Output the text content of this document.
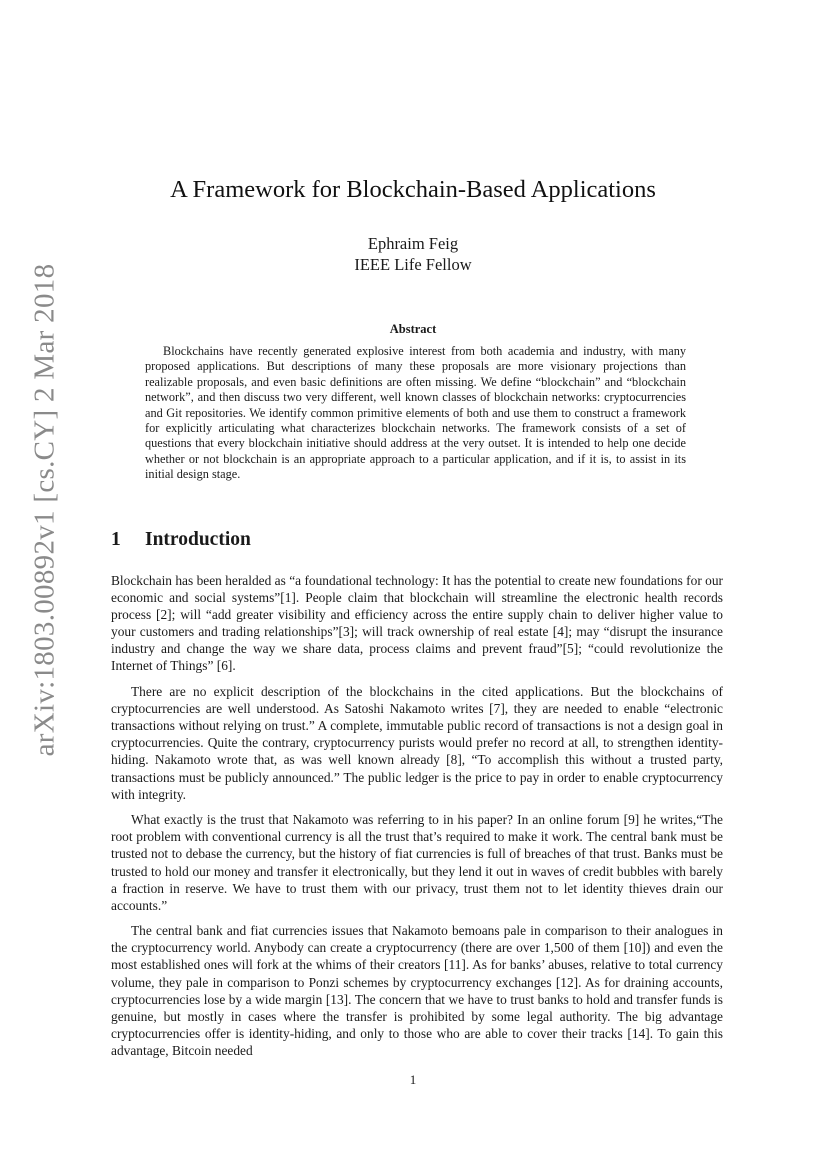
arXiv:1803.00892v1 [cs.CY] 2 Mar 2018
A Framework for Blockchain-Based Applications
Ephraim Feig
IEEE Life Fellow
Abstract
Blockchains have recently generated explosive interest from both academia and industry, with many proposed applications. But descriptions of many these proposals are more visionary projections than realizable proposals, and even basic definitions are often missing. We define “blockchain” and “blockchain network”, and then discuss two very different, well known classes of blockchain networks: cryptocurrencies and Git repositories. We identify common primitive elements of both and use them to construct a framework for explicitly articulating what characterizes blockchain networks. The framework consists of a set of questions that every blockchain initiative should address at the very outset. It is intended to help one decide whether or not blockchain is an appropriate approach to a particular application, and if it is, to assist in its initial design stage.
1 Introduction

Blockchain has been heralded as “a foundational technology: It has the potential to create new foundations for our economic and social systems”[1]. People claim that blockchain will streamline the electronic health records process [2]; will “add greater visibility and efficiency across the entire supply chain to deliver higher value to your customers and trading relationships”[3]; will track ownership of real estate [4]; may “disrupt the insurance industry and change the way we share data, process claims and prevent fraud”[5]; “could revolutionize the Internet of Things” [6].

There are no explicit description of the blockchains in the cited applications. But the blockchains of cryptocurrencies are well understood. As Satoshi Nakamoto writes [7], they are needed to enable “electronic transactions without relying on trust.” A complete, immutable public record of transactions is not a design goal in cryptocurrencies. Quite the contrary, cryptocurrency purists would prefer no record at all, to strengthen identity-hiding. Nakamoto wrote that, as was well known already [8], “To accomplish this without a trusted party, transactions must be publicly announced.” The public ledger is the price to pay in order to enable cryptocurrency with integrity.

What exactly is the trust that Nakamoto was referring to in his paper? In an online forum [9] he writes,“The root problem with conventional currency is all the trust that’s required to make it work. The central bank must be trusted not to debase the currency, but the history of fiat currencies is full of breaches of that trust. Banks must be trusted to hold our money and transfer it electronically, but they lend it out in waves of credit bubbles with barely a fraction in reserve. We have to trust them with our privacy, trust them not to let identity thieves drain our accounts.”

The central bank and fiat currencies issues that Nakamoto bemoans pale in comparison to their analogues in the cryptocurrency world. Anybody can create a cryptocurrency (there are over 1,500 of them [10]) and even the most established ones will fork at the whims of their creators [11]. As for banks’ abuses, relative to total currency volume, they pale in comparison to Ponzi schemes by cryptocurrency exchanges [12]. As for draining accounts, cryptocurrencies lose by a wide margin [13]. The concern that we have to trust banks to hold and transfer funds is genuine, but mostly in cases where the transfer is prohibited by some legal authority. The big advantage cryptocurrencies offer is identity-hiding, and only to those who are able to cover their tracks [14]. To gain this advantage, Bitcoin needed

1
